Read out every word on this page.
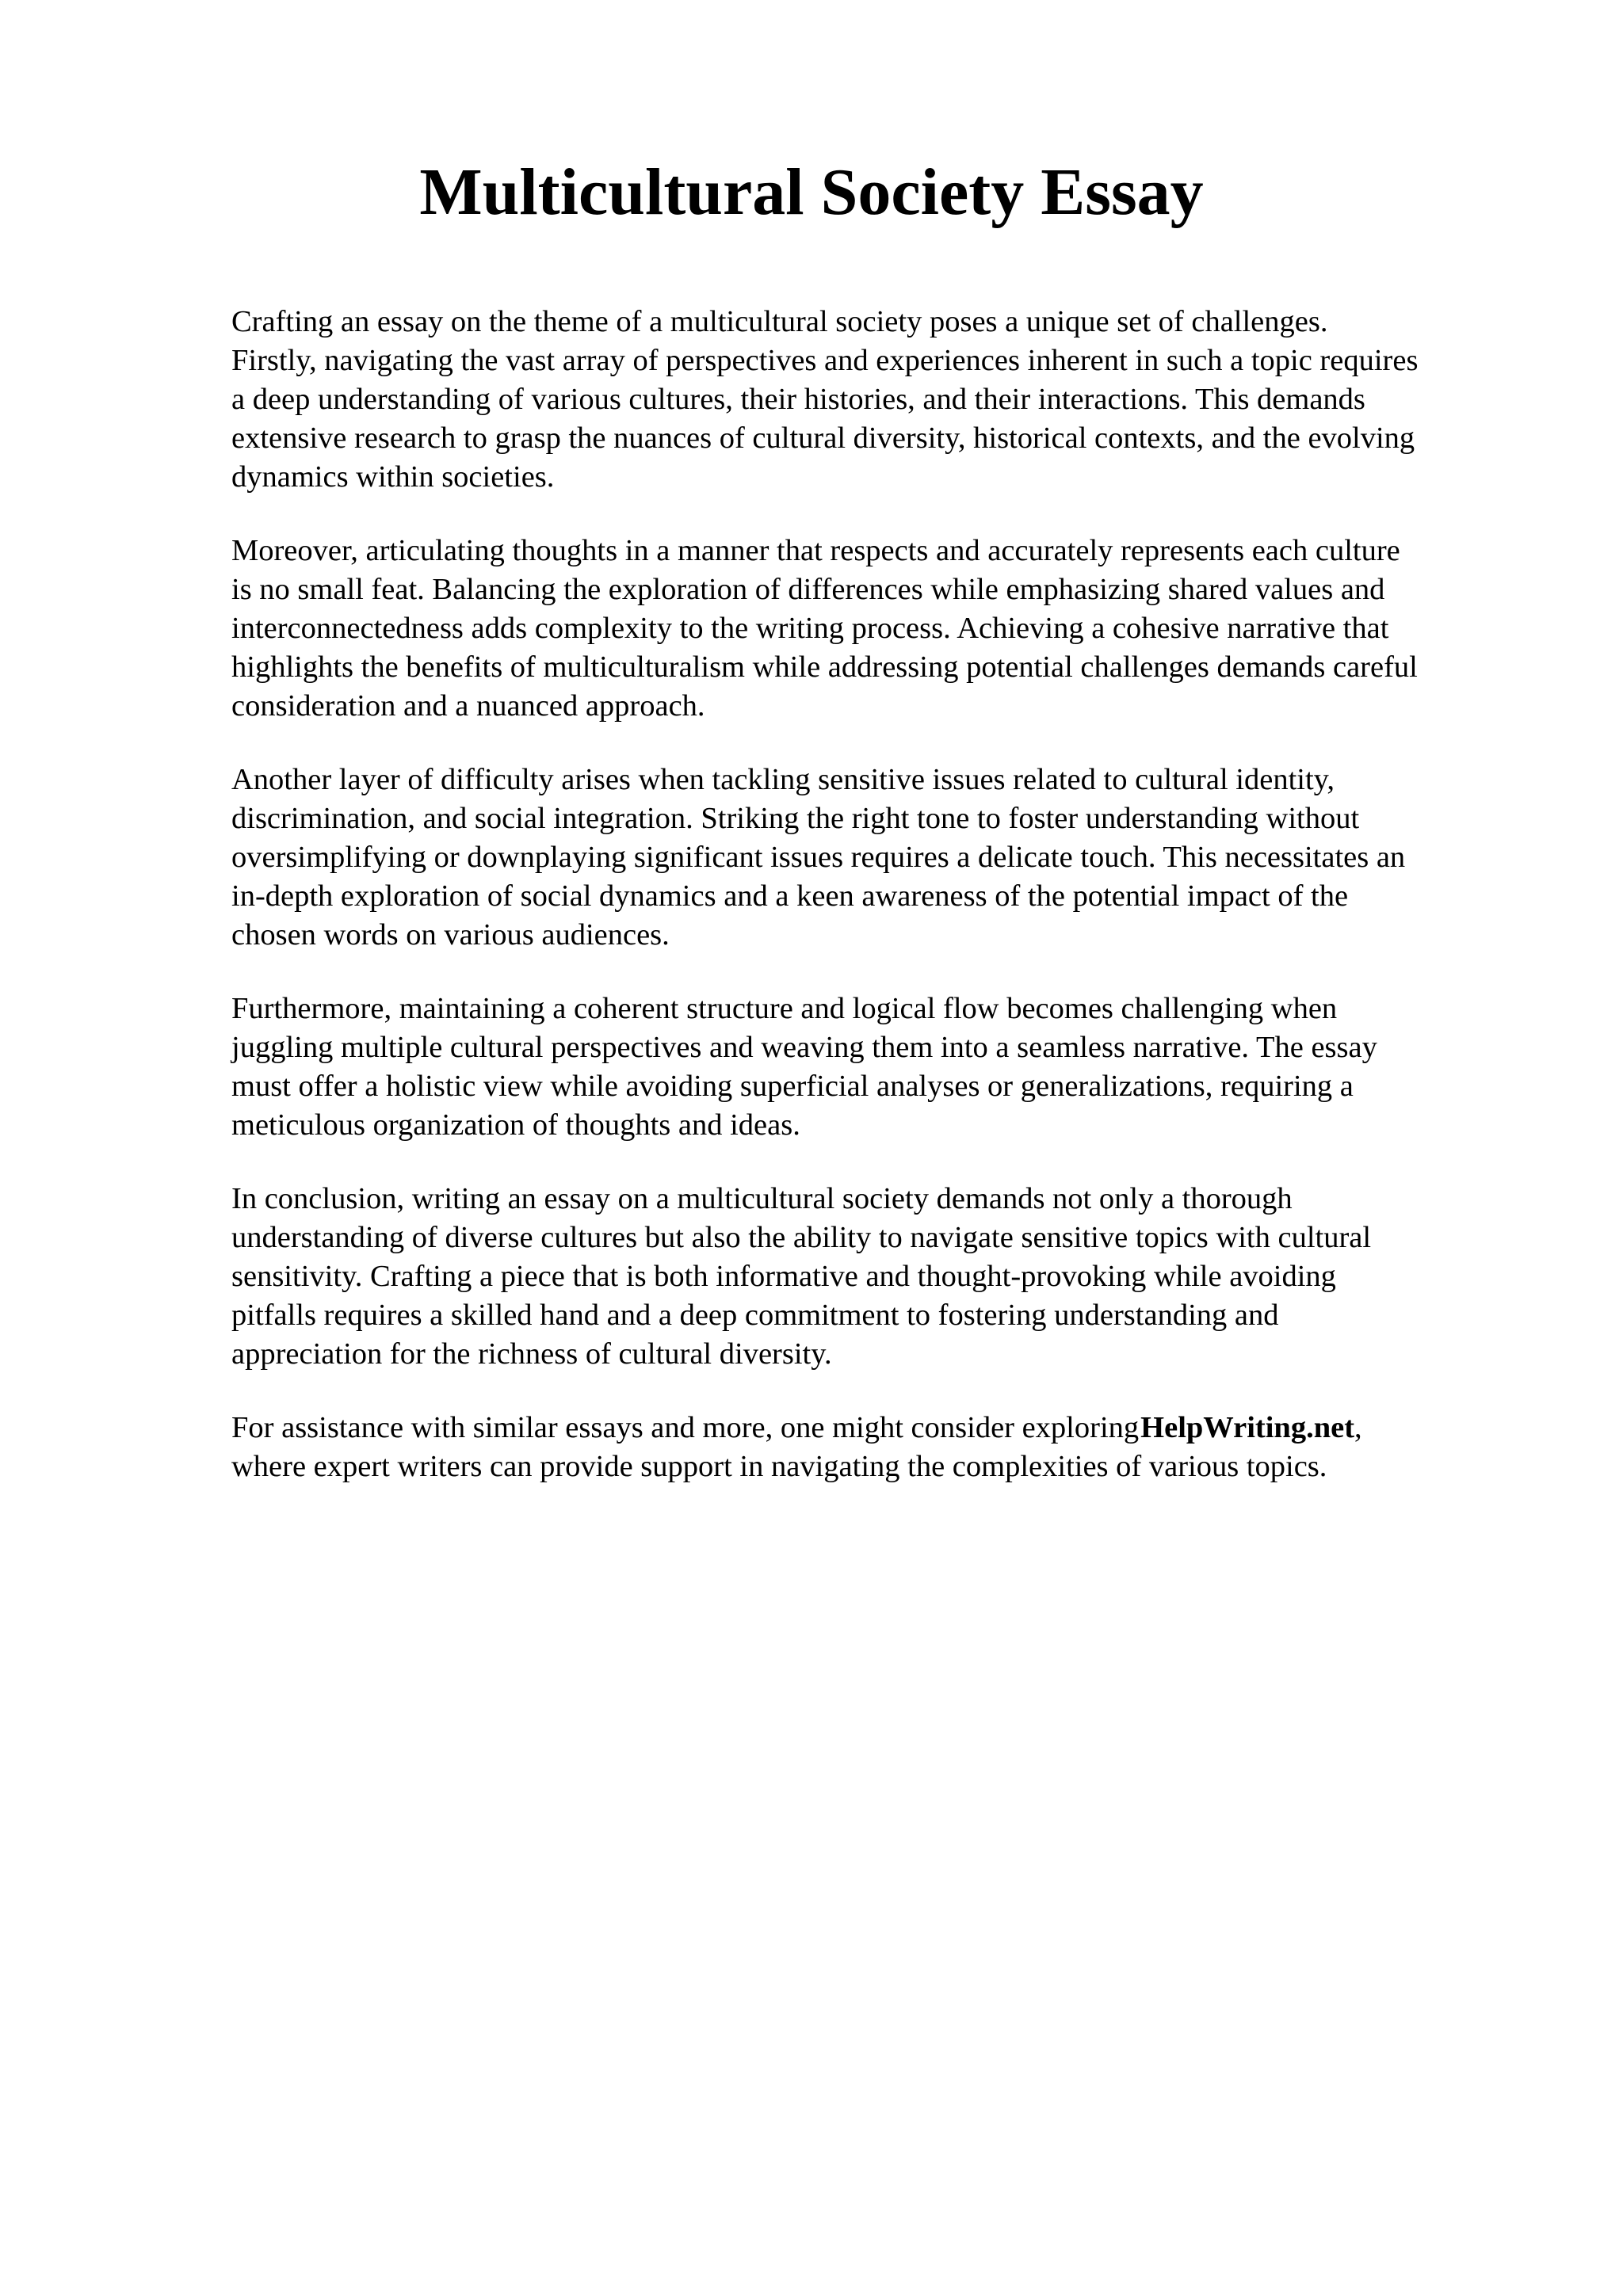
Multicultural Society Essay

Crafting an essay on the theme of a multicultural society poses a unique set of challenges.
Firstly, navigating the vast array of perspectives and experiences inherent in such a topic requires
a deep understanding of various cultures, their histories, and their interactions. This demands
extensive research to grasp the nuances of cultural diversity, historical contexts, and the evolving
dynamics within societies.

Moreover, articulating thoughts in a manner that respects and accurately represents each culture
is no small feat. Balancing the exploration of differences while emphasizing shared values and
interconnectedness adds complexity to the writing process. Achieving a cohesive narrative that
highlights the benefits of multiculturalism while addressing potential challenges demands careful
consideration and a nuanced approach.

Another layer of difficulty arises when tackling sensitive issues related to cultural identity,
discrimination, and social integration. Striking the right tone to foster understanding without
oversimplifying or downplaying significant issues requires a delicate touch. This necessitates an
in-depth exploration of social dynamics and a keen awareness of the potential impact of the
chosen words on various audiences.

Furthermore, maintaining a coherent structure and logical flow becomes challenging when
juggling multiple cultural perspectives and weaving them into a seamless narrative. The essay
must offer a holistic view while avoiding superficial analyses or generalizations, requiring a
meticulous organization of thoughts and ideas.

In conclusion, writing an essay on a multicultural society demands not only a thorough
understanding of diverse cultures but also the ability to navigate sensitive topics with cultural
sensitivity. Crafting a piece that is both informative and thought-provoking while avoiding
pitfalls requires a skilled hand and a deep commitment to fostering understanding and
appreciation for the richness of cultural diversity.

For assistance with similar essays and more, one might consider exploringHelpWriting.net,
where expert writers can provide support in navigating the complexities of various topics.
